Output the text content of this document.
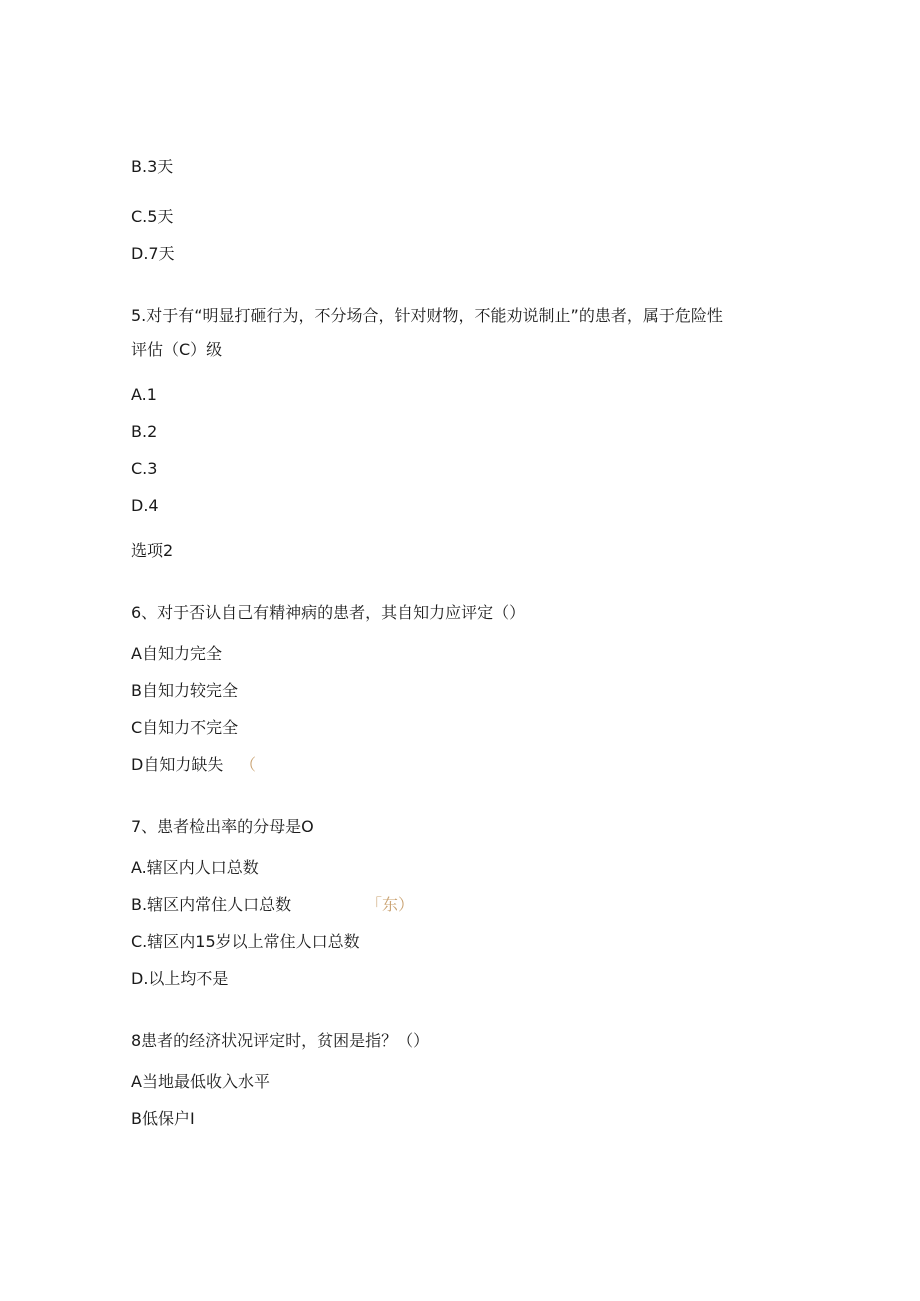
B.3天
C.5天
D.7天
5.对于有“明显打砸行为，不分场合，针对财物，不能劝说制止”的患者，属于危险性
评估（C）级
A.1
B.2
C.3
D.4
选项2
6、对于否认自己有精神病的患者，其自知力应评定（）
A自知力完全
B自知力较完全
C自知力不完全
D自知力缺失 （
7、患者检出率的分母是O
A.辖区内人口总数
B.辖区内常住人口总数	「东）
C.辖区内15岁以上常住人口总数
D.以上均不是
8患者的经济状况评定时，贫困是指？（）
A当地最低收入水平
B低保户I
